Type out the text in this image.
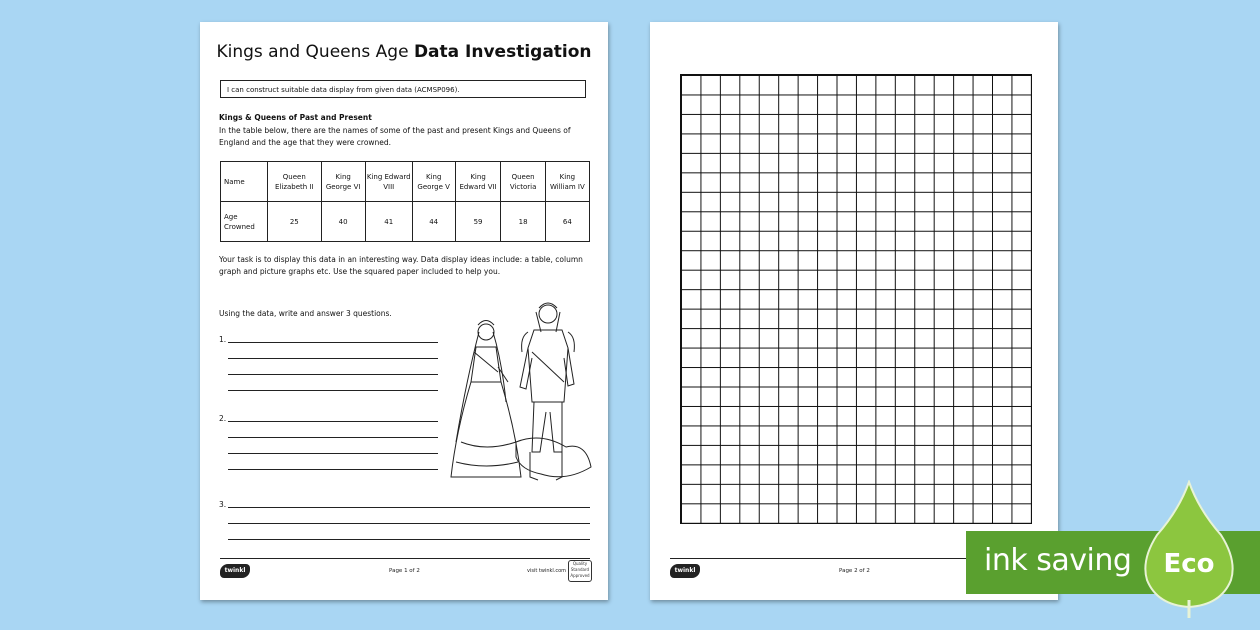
Kings and Queens Age Data Investigation
I can construct suitable data display from given data (ACMSP096).
Kings & Queens of Past and Present
In the table below, there are the names of some of the past and present Kings and Queens of England and the age that they were crowned.
Name	Queen Elizabeth II	King George VI	King Edward VIII	King George V	King Edward VII	Queen Victoria	King William IV
Age Crowned	25	40	41	44	59	18	64
Your task is to display this data in an interesting way. Data display ideas include: a table, column graph and picture graphs etc. Use the squared paper included to help you.
Using the data, write and answer 3 questions.
1.
2.
3.
twinkl	Page 1 of 2	visit twinkl.com
Quality Standard Approved
twinkl	Page 2 of 2	ink saving Eco
